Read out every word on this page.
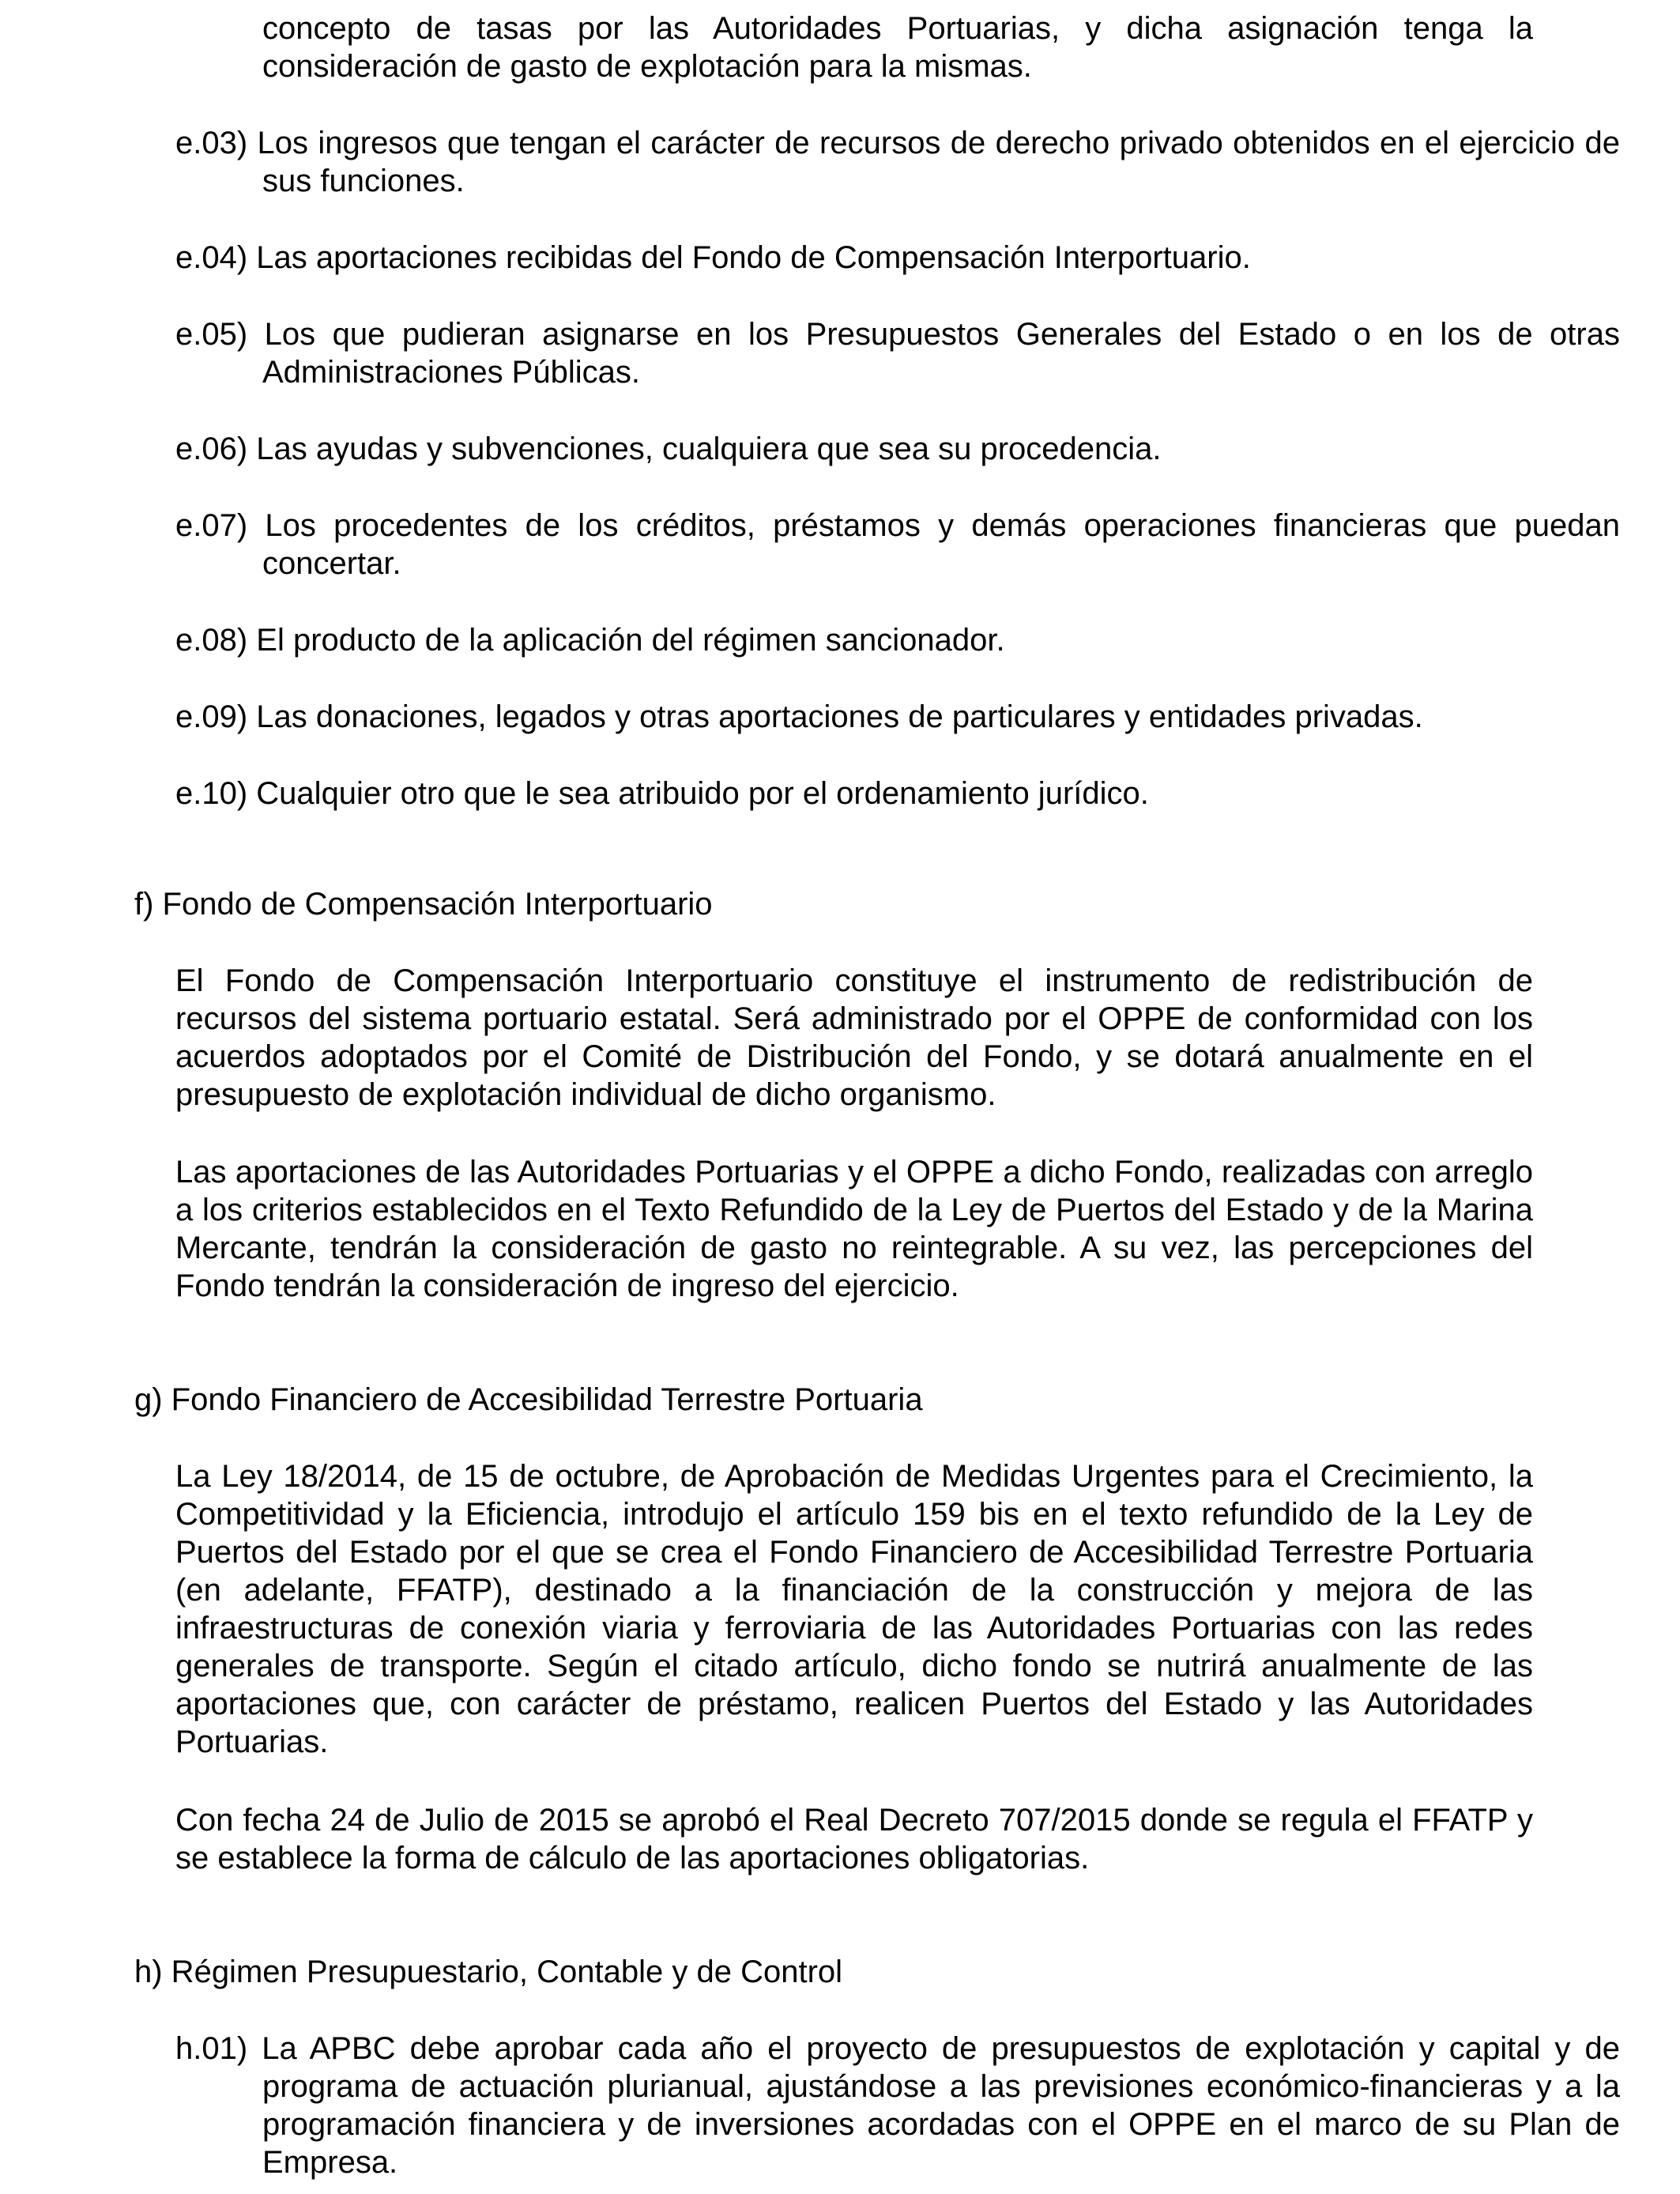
concepto de tasas por las Autoridades Portuarias, y dicha asignación tenga la consideración de gasto de explotación para la mismas.
e.03) Los ingresos que tengan el carácter de recursos de derecho privado obtenidos en el ejercicio de sus funciones.
e.04) Las aportaciones recibidas del Fondo de Compensación Interportuario.
e.05) Los que pudieran asignarse en los Presupuestos Generales del Estado o en los de otras Administraciones Públicas.
e.06) Las ayudas y subvenciones, cualquiera que sea su procedencia.
e.07) Los procedentes de los créditos, préstamos y demás operaciones financieras que puedan concertar.
e.08) El producto de la aplicación del régimen sancionador.
e.09) Las donaciones, legados y otras aportaciones de particulares y entidades privadas.
e.10) Cualquier otro que le sea atribuido por el ordenamiento jurídico.
f) Fondo de Compensación Interportuario
El Fondo de Compensación Interportuario constituye el instrumento de redistribución de recursos del sistema portuario estatal. Será administrado por el OPPE de conformidad con los acuerdos adoptados por el Comité de Distribución del Fondo, y se dotará anualmente en el presupuesto de explotación individual de dicho organismo.
Las aportaciones de las Autoridades Portuarias y el OPPE a dicho Fondo, realizadas con arreglo a los criterios establecidos en el Texto Refundido de la Ley de Puertos del Estado y de la Marina Mercante, tendrán la consideración de gasto no reintegrable. A su vez, las percepciones del Fondo tendrán la consideración de ingreso del ejercicio.
g) Fondo Financiero de Accesibilidad Terrestre Portuaria
La Ley 18/2014, de 15 de octubre, de Aprobación de Medidas Urgentes para el Crecimiento, la Competitividad y la Eficiencia, introdujo el artículo 159 bis en el texto refundido de la Ley de Puertos del Estado por el que se crea el Fondo Financiero de Accesibilidad Terrestre Portuaria (en adelante, FFATP), destinado a la financiación de la construcción y mejora de las infraestructuras de conexión viaria y ferroviaria de las Autoridades Portuarias con las redes generales de transporte. Según el citado artículo, dicho fondo se nutrirá anualmente de las aportaciones que, con carácter de préstamo, realicen Puertos del Estado y las Autoridades Portuarias.
Con fecha 24 de Julio de 2015 se aprobó el Real Decreto 707/2015 donde se regula el FFATP y se establece la forma de cálculo de las aportaciones obligatorias.
h) Régimen Presupuestario, Contable y de Control
h.01) La APBC debe aprobar cada año el proyecto de presupuestos de explotación y capital y de programa de actuación plurianual, ajustándose a las previsiones económico-financieras y a la programación financiera y de inversiones acordadas con el OPPE en el marco de su Plan de Empresa.
